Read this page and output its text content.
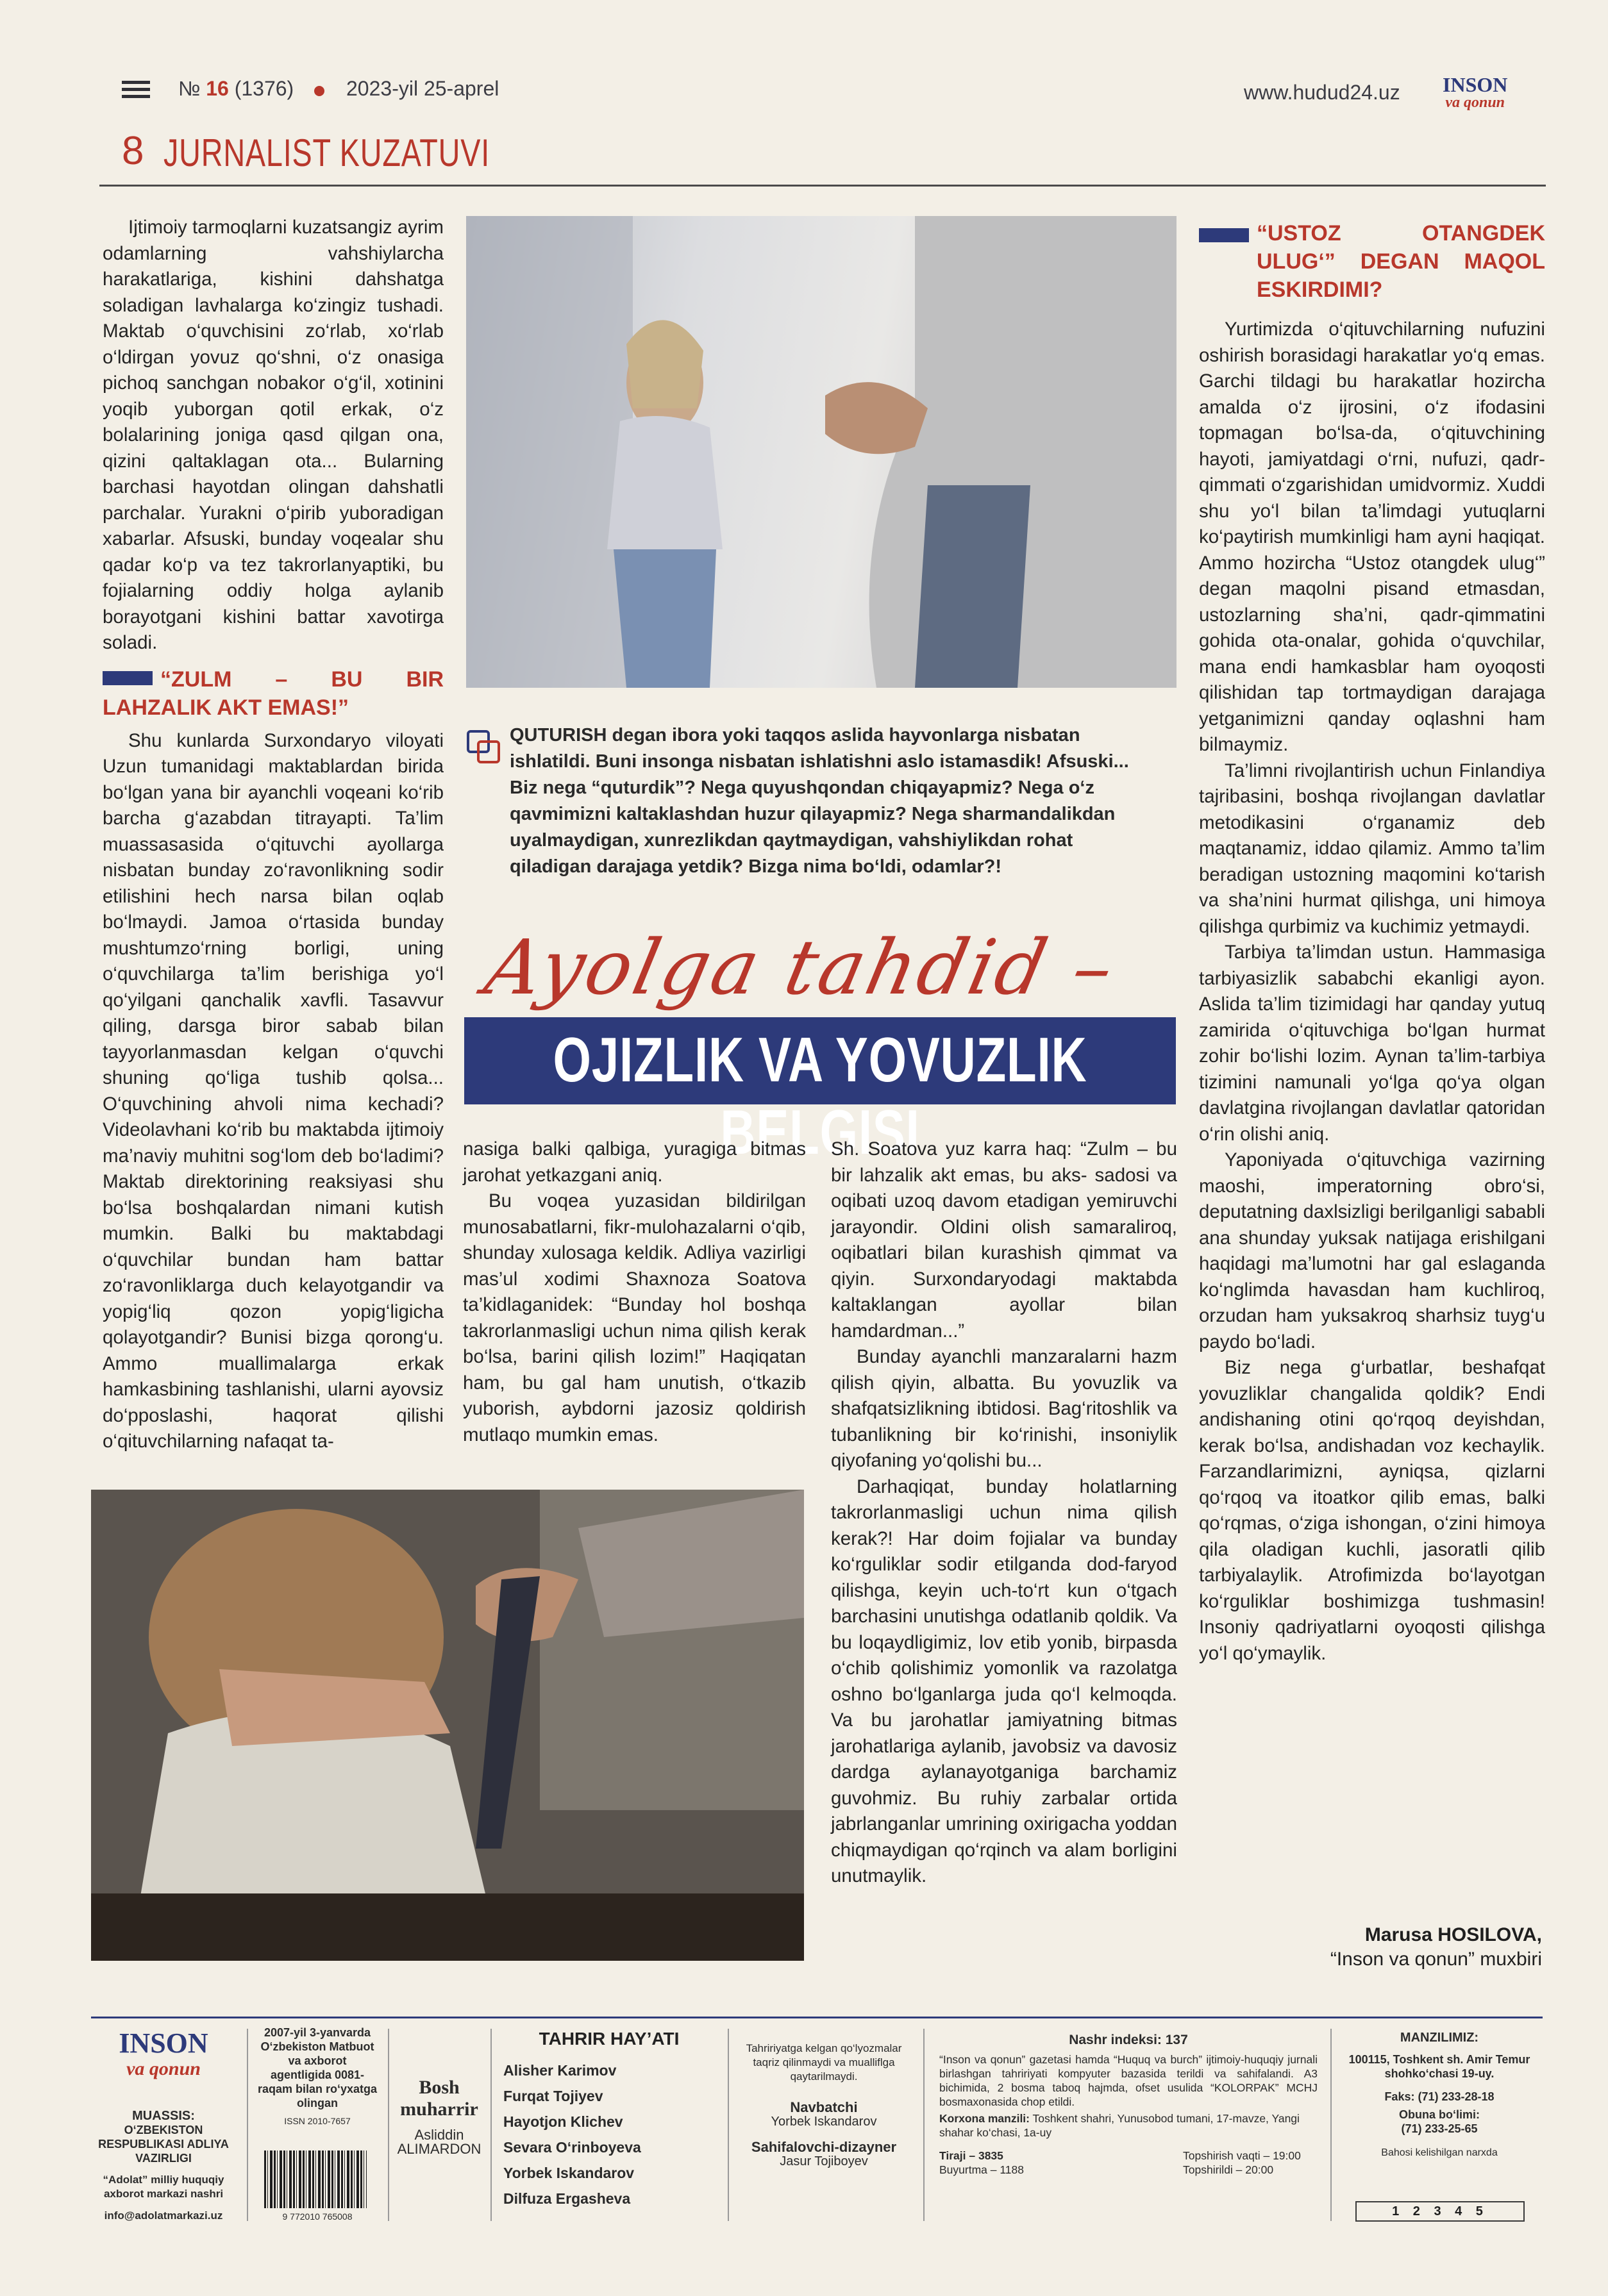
№ 16 (1376)	2023-yil 25-aprel	www.hudud24.uz INSON
va qonun
8 JURNALIST KUZATUVI

Ijtimoiy tarmoqlarni kuzatsangiz ayrim odamlarning vahshiylarcha harakatlariga, kishini dahshatga soladigan lavhalarga ko‘zingiz tushadi. Maktab o‘quvchisini zo‘rlab, xo‘rlab o‘ldirgan yovuz qo‘shni, o‘z onasiga pichoq sanchgan nobakor o‘g‘il, xotinini yoqib yuborgan qotil erkak, o‘z bolalarining joniga qasd qilgan ona, qizini qaltaklagan ota... Bularning barchasi hayotdan olingan dahshatli parchalar. Yurakni o‘pirib yuboradigan xabarlar. Afsuski, bunday voqealar shu qadar ko‘p va tez takrorlanyaptiki, bu fojialarning oddiy holga aylanib borayotgani kishini battar xavotirga soladi.

“ZULM – BU BIR LAHZALIK AKT EMAS!”

Shu kunlarda Surxondaryo viloyati Uzun tumanidagi maktablardan birida bo‘lgan yana bir ayanchli voqeani ko‘rib barcha g‘azabdan titrayapti. Ta’lim muassasasida o‘qituvchi ayollarga nisbatan bunday zo‘ravonlikning sodir etilishini hech narsa bilan oqlab bo‘lmaydi. Jamoa o‘rtasida bunday mushtumzo‘rning borligi, uning o‘quvchilarga ta’lim berishiga yo‘l qo‘yilgani qanchalik xavfli. Tasavvur qiling, darsga biror sabab bilan tayyorlanmasdan kelgan o‘quvchi shuning qo‘liga tushib qolsa... O‘quvchining ahvoli nima kechadi? Videolavhani ko‘rib bu maktabda ijtimoiy ma’naviy muhitni sog‘lom deb bo‘ladimi? Maktab direktorining reaksiyasi shu bo‘lsa boshqalardan nimani kutish mumkin. Balki bu maktabdagi o‘quvchilar bundan ham battar zo‘ravonliklarga duch kelayotgandir va yopig‘liq qozon yopig‘ligicha qolayotgandir? Bunisi bizga qorong‘u. Ammo muallimalarga erkak hamkasbining tashlanishi, ularni ayovsiz do‘pposlashi, haqorat qilishi o‘qituvchilarning nafaqat ta-

QUTURISH degan ibora yoki taqqos aslida hayvonlarga nisbatan ishlatildi. Buni insonga nisbatan ishlatishni aslo istamasdik! Afsuski... Biz nega “quturdik”? Nega quyushqondan chiqayapmiz? Nega o‘z qavmimizni kaltaklashdan huzur qilayapmiz? Nega sharmandalikdan uyalmaydigan, xunrezlikdan qaytmaydigan, vahshiylikdan rohat qiladigan darajaga yetdik? Bizga nima bo‘ldi, odamlar?!
Ayolga tahdid –
OJIZLIK VA YOVUZLIK BELGISI

nasiga balki qalbiga, yuragiga bitmas jarohat yetkazgani aniq.

Bu voqea yuzasidan bildirilgan munosabatlarni, fikr-mulohazalarni o‘qib, shunday xulosaga keldik. Adliya vazirligi mas’ul xodimi Shaxnoza Soatova ta’kidlaganidek: “Bunday hol boshqa takrorlanmasligi uchun nima qilish kerak bo‘lsa, barini qilish lozim!” Haqiqatan ham, bu gal ham unutish, o‘tkazib yuborish, aybdorni jazosiz qoldirish mutlaqo mumkin emas.

Sh. Soatova yuz karra haq: “Zulm – bu bir lahzalik akt emas, bu aks- sadosi va oqibati uzoq davom etadigan yemiruvchi jarayondir. Oldini olish samaraliroq, oqibatlari bilan kurashish qimmat va qiyin. Surxondaryodagi maktabda kaltaklangan ayollar bilan hamdardman...”

Bunday ayanchli manzaralarni hazm qilish qiyin, albatta. Bu yovuzlik va shafqatsizlikning ibtidosi. Bag‘ritoshlik va tubanlikning bir ko‘rinishi, insoniylik qiyofaning yo‘qolishi bu...

Darhaqiqat, bunday holatlarning takrorlanmasligi uchun nima qilish kerak?! Har doim fojialar va bunday ko‘rguliklar sodir etilganda dod-faryod qilishga, keyin uch-to‘rt kun o‘tgach barchasini unutishga odatlanib qoldik. Va bu loqaydligimiz, lov etib yonib, birpasda o‘chib qolishimiz yomonlik va razolatga oshno bo‘lganlarga juda qo‘l kelmoqda. Va bu jarohatlar jamiyatning bitmas jarohatlariga aylanib, javobsiz va davosiz dardga aylanayotganiga barchamiz guvohmiz. Bu ruhiy zarbalar ortida jabrlanganlar umrining oxirigacha yoddan chiqmaydigan qo‘rqinch va alam borligini unutmaylik.

“USTOZ OTANGDEK ULUG‘” DEGAN MAQOL ESKIRDIMI?

Yurtimizda o‘qituvchilarning nufuzini oshirish borasidagi harakatlar yo‘q emas. Garchi tildagi bu harakatlar hozircha amalda o‘z ijrosini, o‘z ifodasini topmagan bo‘lsa-da, o‘qituvchining hayoti, jamiyatdagi o‘rni, nufuzi, qadr-qimmati o‘zgarishidan umidvormiz. Xuddi shu yo‘l bilan ta’limdagi yutuqlarni ko‘paytirish mumkinligi ham ayni haqiqat. Ammo hozircha “Ustoz otangdek ulug‘” degan maqolni pisand etmasdan, ustozlarning sha’ni, qadr-qimmatini gohida ota-onalar, gohida o‘quvchilar, mana endi hamkasblar ham oyoqosti qilishidan tap tortmaydigan darajaga yetganimizni qanday oqlashni ham bilmaymiz.

Ta’limni rivojlantirish uchun Finlandiya tajribasini, boshqa rivojlangan davlatlar metodikasini o‘rganamiz deb maqtanamiz, iddao qilamiz. Ammo ta’lim beradigan ustozning maqomini ko‘tarish va sha’nini hurmat qilishga, uni himoya qilishga qurbimiz va kuchimiz yetmaydi.

Tarbiya ta’limdan ustun. Hammasiga tarbiyasizlik sababchi ekanligi ayon. Aslida ta’lim tizimidagi har qanday yutuq zamirida o‘qituvchiga bo‘lgan hurmat zohir bo‘lishi lozim. Aynan ta’lim-tarbiya tizimini namunali yo‘lga qo‘ya olgan davlatgina rivojlangan davlatlar qatoridan o‘rin olishi aniq.

Yaponiyada o‘qituvchiga vazirning maoshi, imperatorning obro‘si, deputatning daxlsizligi berilganligi sababli ana shunday yuksak natijaga erishilgani haqidagi ma’lumotni har gal eslaganda ko‘nglimda havasdan ham kuchliroq, orzudan ham yuksakroq sharhsiz tuyg‘u paydo bo‘ladi.

Biz nega g‘urbatlar, beshafqat yovuzliklar changalida qoldik? Endi andishaning otini qo‘rqoq deyishdan, kerak bo‘lsa, andishadan voz kechaylik. Farzandlarimizni, ayniqsa, qizlarni qo‘rqoq va itoatkor qilib emas, balki qo‘rqmas, o‘ziga ishongan, o‘zini himoya qila oladigan kuchli, jasoratli qilib tarbiyalaylik. Atrofimizda bo‘layotgan ko‘rguliklar boshimizga tushmasin! Insoniy qadriyatlarni oyoqosti qilishga yo‘l qo‘ymaylik.

Marusa HOSILOVA,
“Inson va qonun” muxbiri
INSON
va qonun
MUASSIS:
O‘ZBEKISTON RESPUBLIKASI ADLIYA VAZIRLIGI
“Adolat” milliy huquqiy axborot markazi nashri
info@adolatmarkazi.uz
2007-yil 3-yanvarda O‘zbekiston Matbuot va axborot agentligida 0081-raqam bilan ro‘yxatga olingan
ISSN 2010-7657
9 772010 765008
Bosh muharrir
Asliddin
ALIMARDON
TAHRIR HAY’ATI
Alisher Karimov
Furqat Tojiyev
Hayotjon Klichev
Sevara O‘rinboyeva
Yorbek Iskandarov
Dilfuza Ergasheva
Tahririyatga kelgan qo‘lyozmalar taqriz qilinmaydi va mualliflga qaytarilmaydi.
Navbatchi
Yorbek Iskandarov
Sahifalovchi-dizayner
Jasur Tojiboyev
Nashr indeksi: 137
“Inson va qonun” gazetasi hamda “Huquq va burch” ijtimoiy-huquqiy jurnali birlashgan tahririyati kompyuter bazasida terildi va sahifalandi. A3 bichimida, 2 bosma taboq hajmda, ofset usulida “KOLORPAK” MCHJ bosmaxonasida chop etildi.
Korxona manzili: Toshkent shahri, Yunusobod tumani, 17-mavze, Yangi shahar ko‘chasi, 1a-uy
Tiraji – 3835
Buyurtma – 1188
Topshirish vaqti – 19:00
Topshirildi – 20:00
MANZILIMIZ:
100115, Toshkent sh. Amir Temur shohko‘chasi 19-uy.
Faks: (71) 233-28-18
Obuna bo‘limi:
(71) 233-25-65
Bahosi kelishilgan narxda
1 2 3 4 5
